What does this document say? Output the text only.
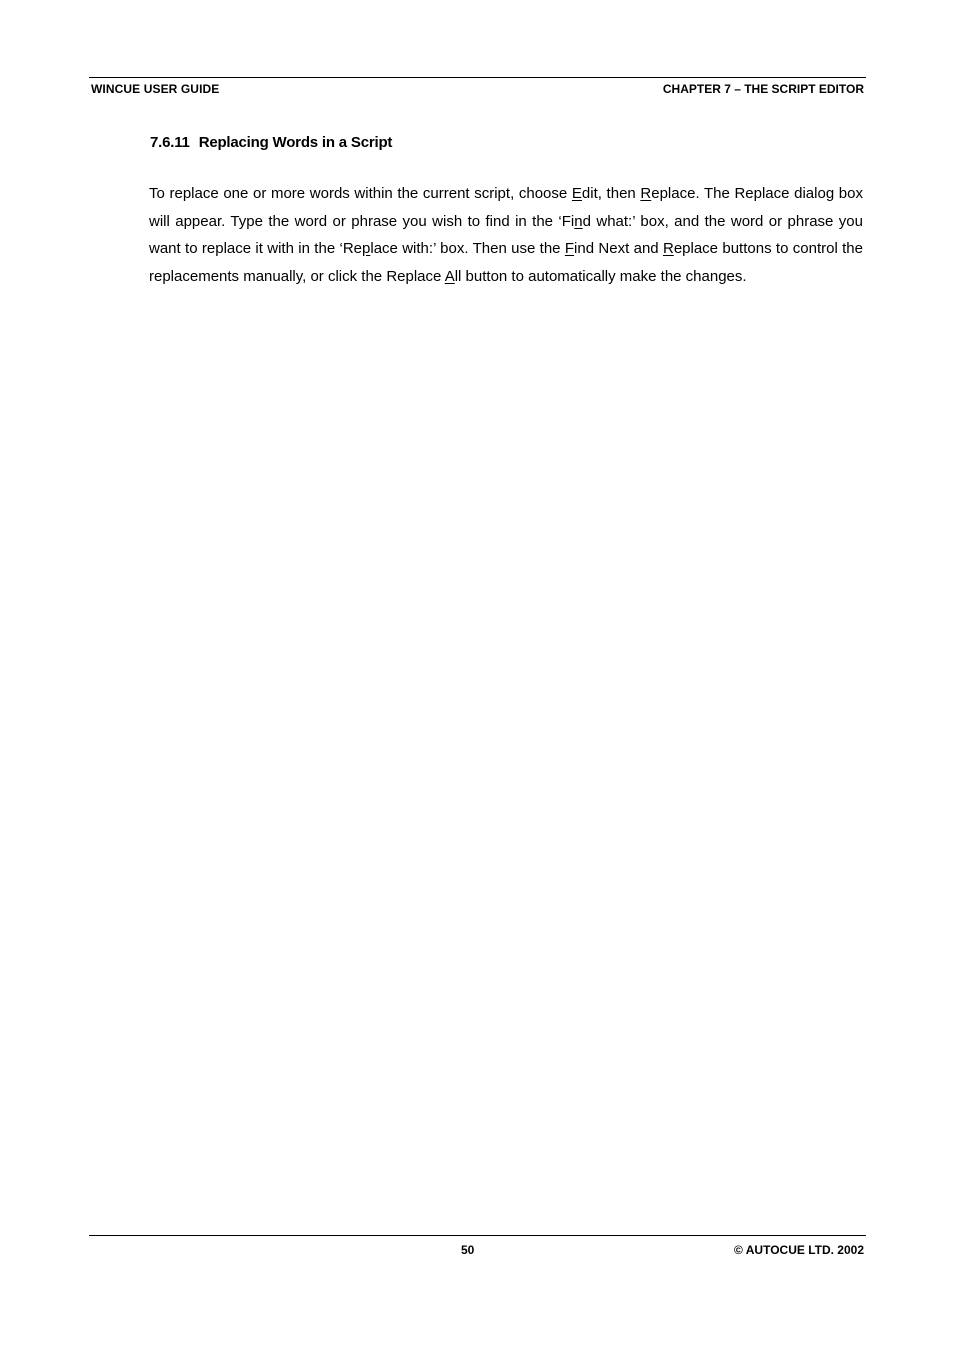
WINCUE USER GUIDE	CHAPTER 7 – THE SCRIPT EDITOR
7.6.11 Replacing Words in a Script

To replace one or more words within the current script, choose Edit, then Replace. The Replace dialog box will appear. Type the word or phrase you wish to find in the ‘Find what:’ box, and the word or phrase you want to replace it with in the ‘Replace with:’ box. Then use the Find Next and Replace buttons to control the replacements manually, or click the Replace All button to automatically make the changes.

50	© AUTOCUE LTD. 2002
